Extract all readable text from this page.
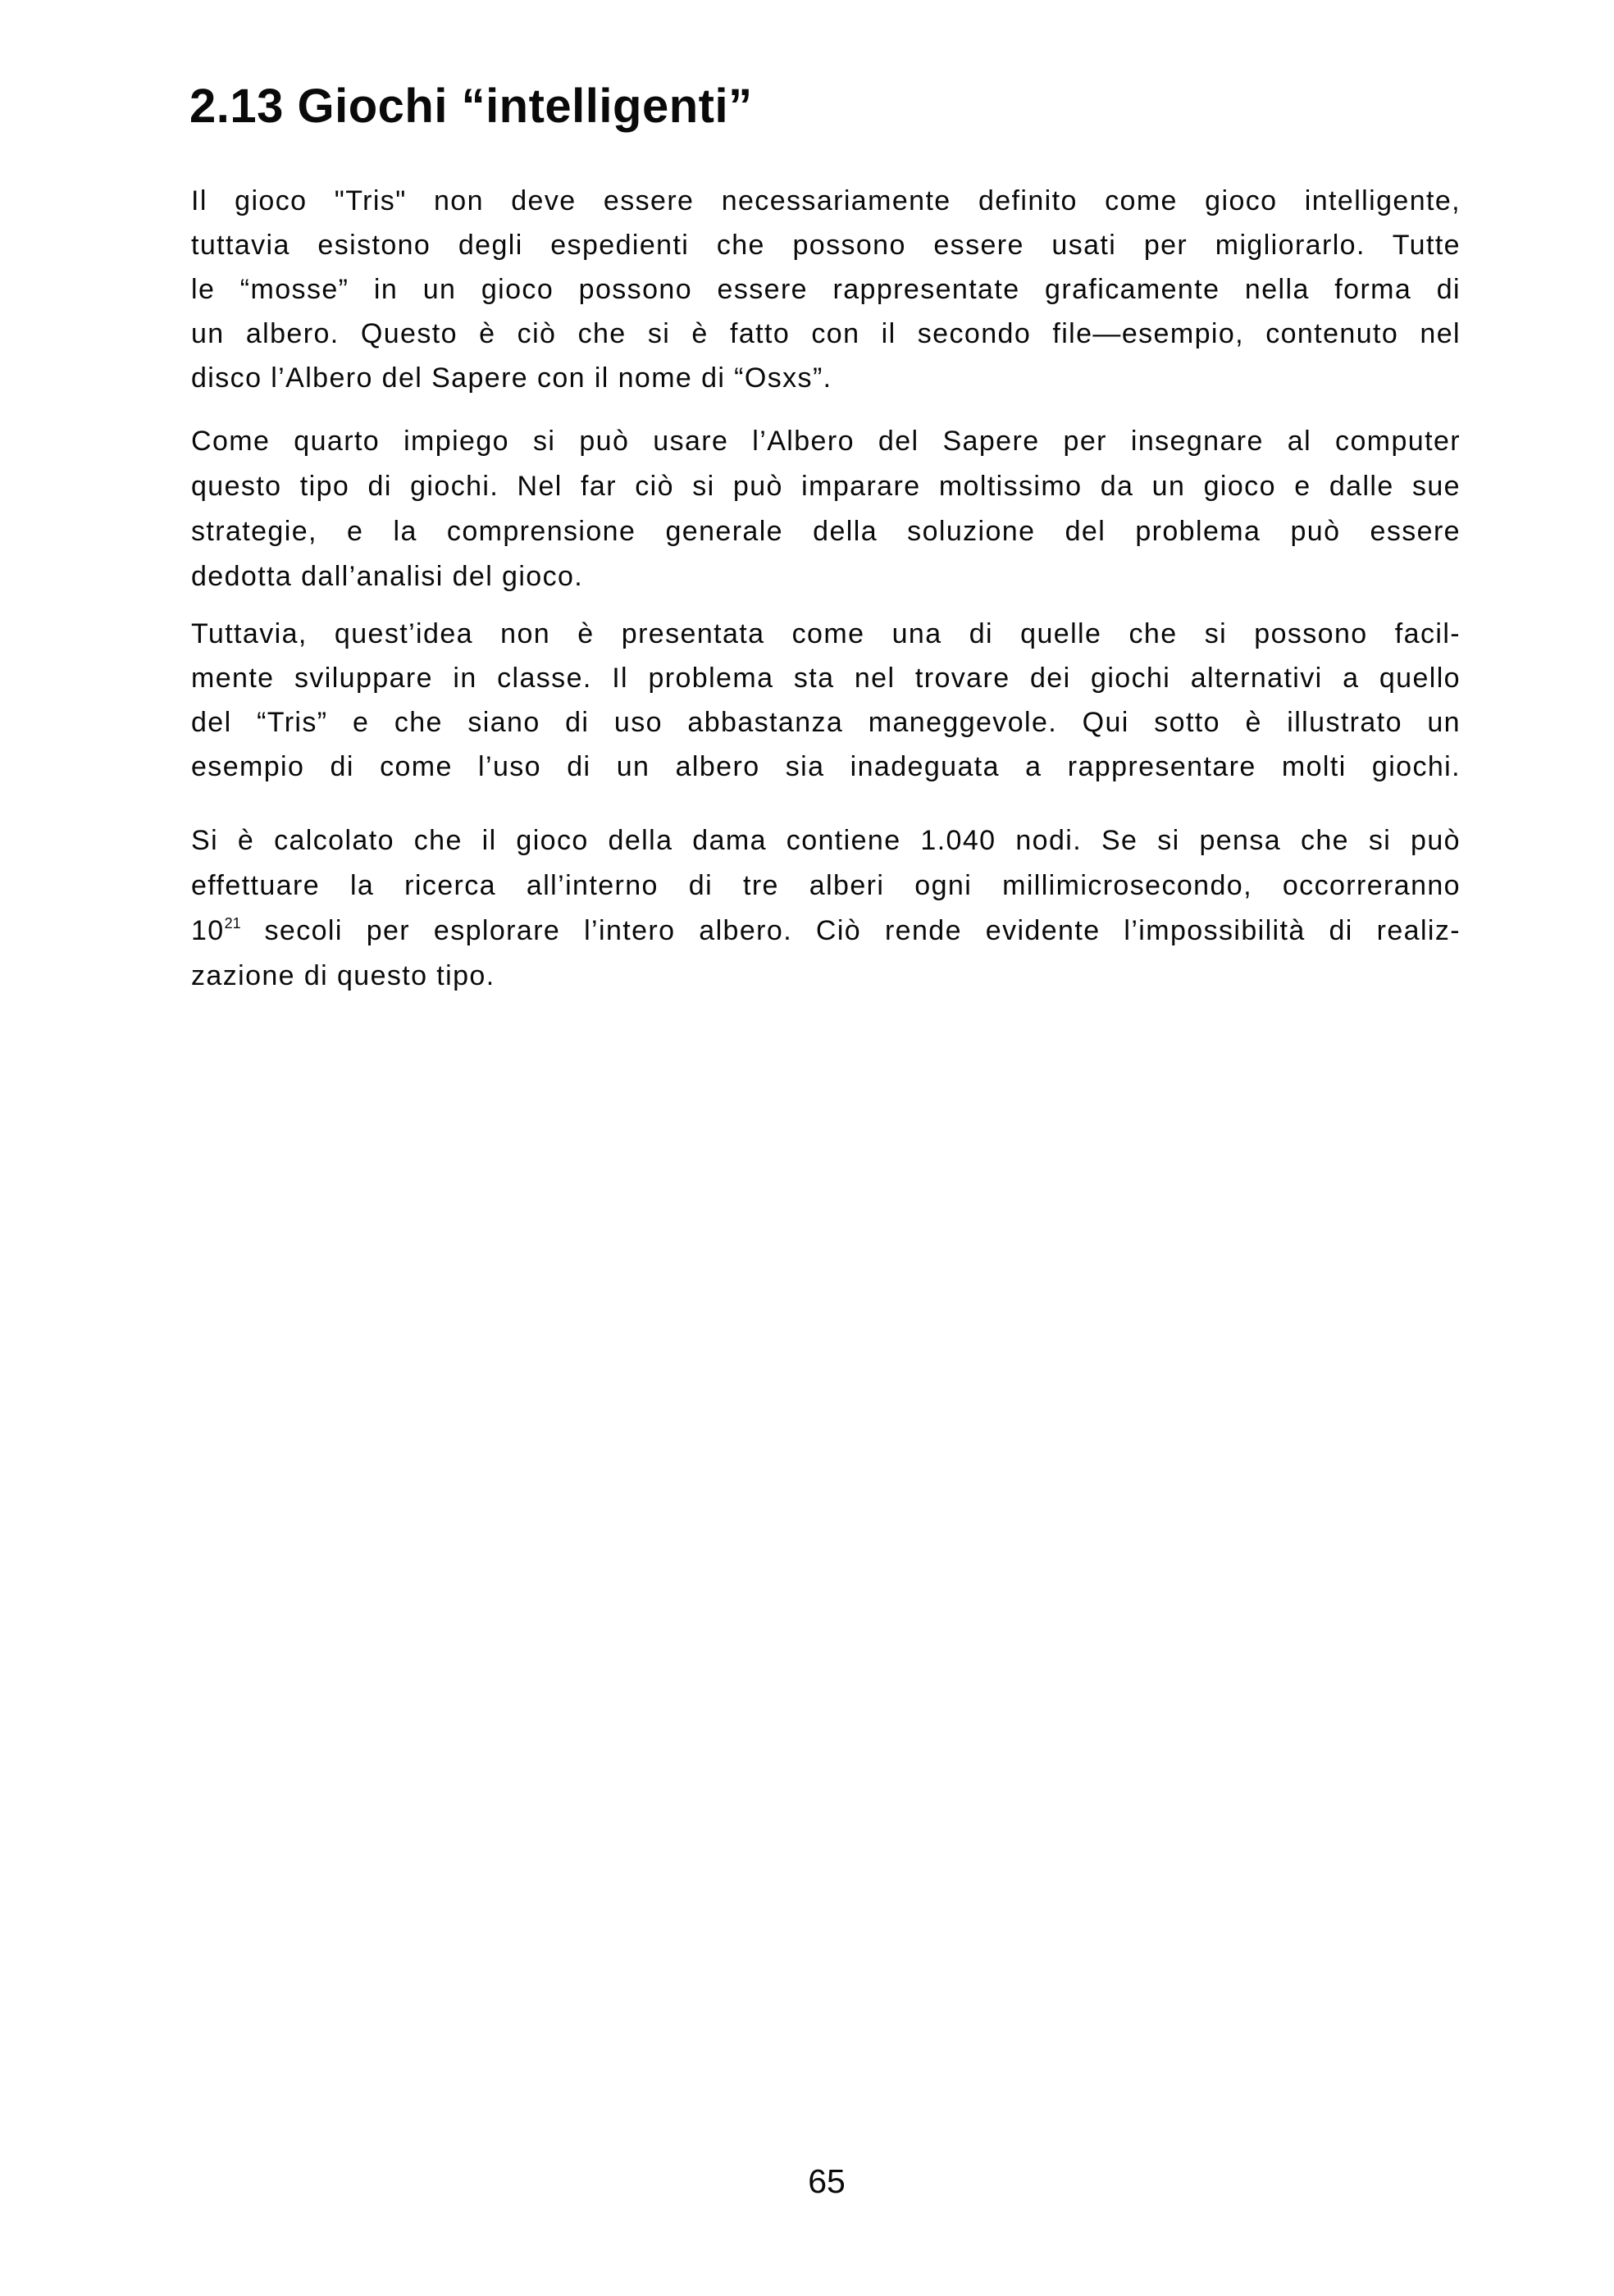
2.13 Giochi “intelligenti”
Il gioco "Tris" non deve essere necessariamente definito come gioco intelligente,
tuttavia esistono degli espedienti che possono essere usati per migliorarlo. Tutte
le “mosse” in un gioco possono essere rappresentate graficamente nella forma di
un albero. Questo è ciò che si è fatto con il secondo file—esempio, contenuto nel
disco l’Albero del Sapere con il nome di “Osxs”.
Come quarto impiego si può usare l’Albero del Sapere per insegnare al computer
questo tipo di giochi. Nel far ciò si può imparare moltissimo da un gioco e dalle sue
strategie, e la comprensione generale della soluzione del problema può essere
dedotta dall’analisi del gioco.
Tuttavia, quest’idea non è presentata come una di quelle che si possono facil-
mente sviluppare in classe. Il problema sta nel trovare dei giochi alternativi a quello
del “Tris” e che siano di uso abbastanza maneggevole. Qui sotto è illustrato un
esempio di come l’uso di un albero sia inadeguata a rappresentare molti giochi.
Si è calcolato che il gioco della dama contiene 1.040 nodi. Se si pensa che si può
effettuare la ricerca all’interno di tre alberi ogni millimicrosecondo, occorreranno
$10^{21}$ secoli per esplorare l’intero albero. Ciò rende evidente l’impossibilità di realiz-
zazione di questo tipo.
65
